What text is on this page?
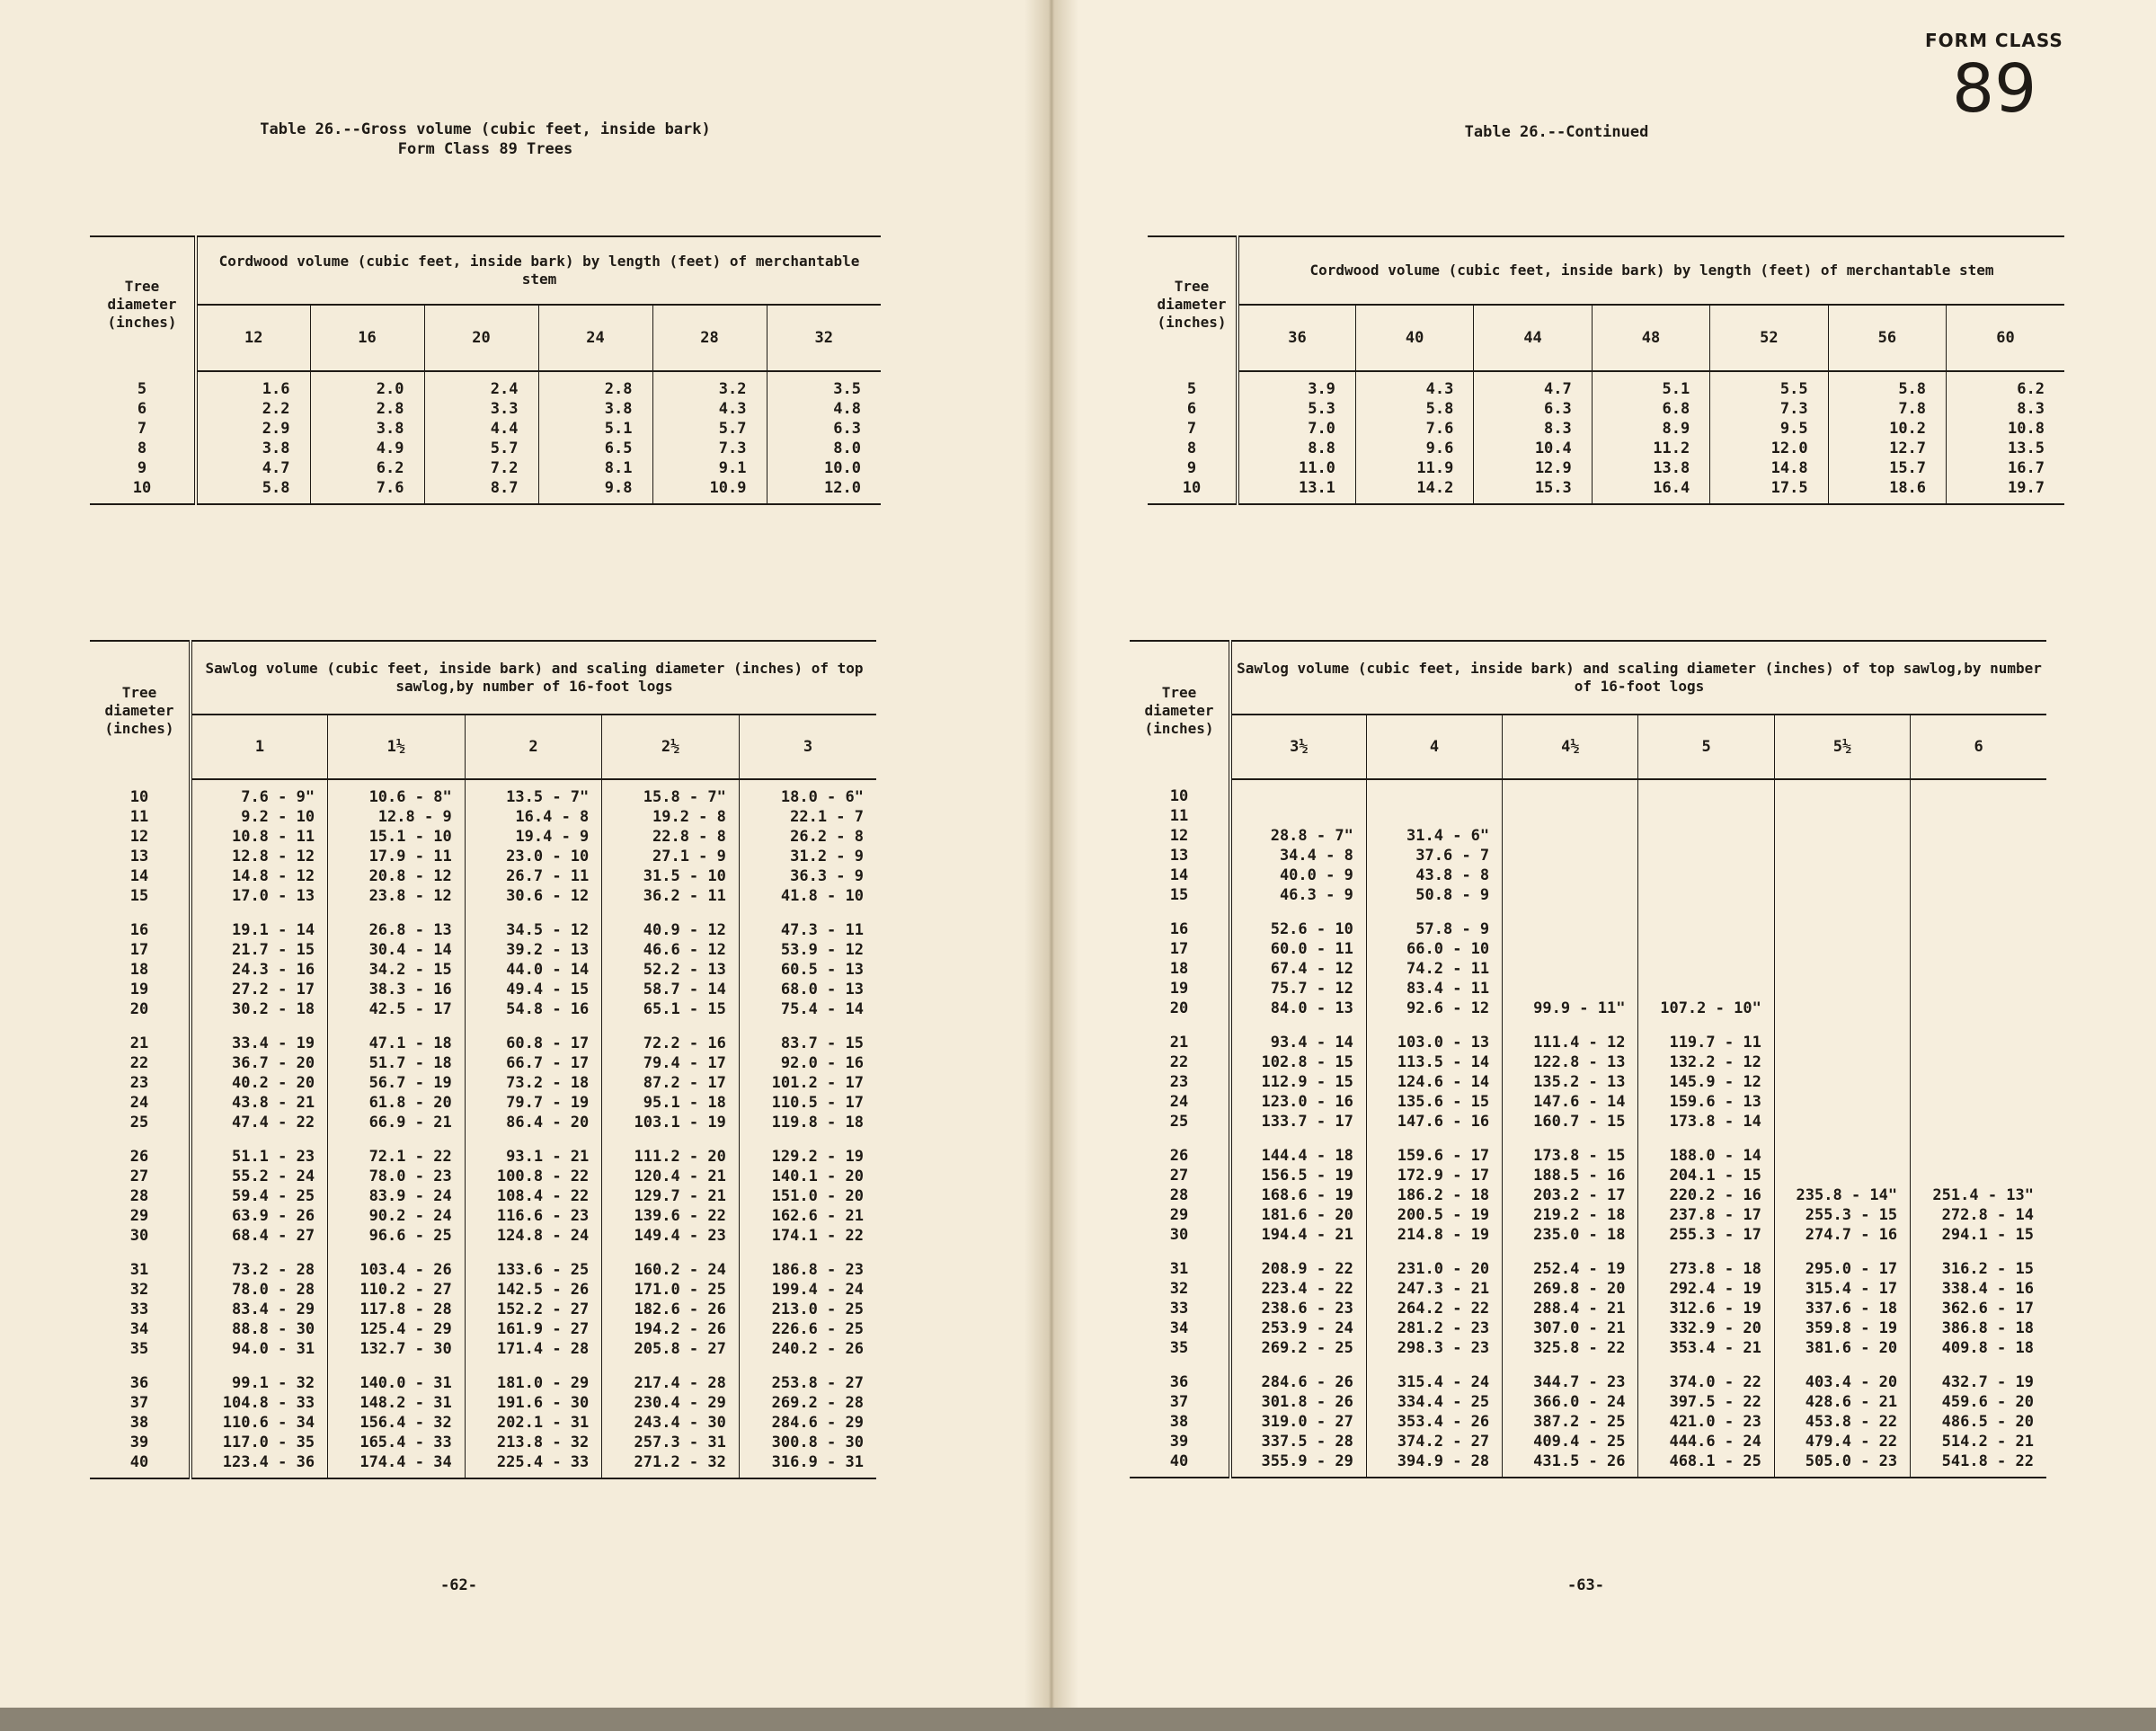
Table 26.--Gross volume (cubic feet, inside bark)
Form Class 89 Trees
Tree diameter (inches)	Cordwood volume (cubic feet, inside bark) by length (feet) of merchantable stem					
	12	16	20	24	28	32
5	1.6	2.0	2.4	2.8	3.2	3.5
6	2.2	2.8	3.3	3.8	4.3	4.8
7	2.9	3.8	4.4	5.1	5.7	6.3
8	3.8	4.9	5.7	6.5	7.3	8.0
9	4.7	6.2	7.2	8.1	9.1	10.0
10	5.8	7.6	8.7	9.8	10.9	12.0
Tree diameter (inches)	Sawlog volume (cubic feet, inside bark) and scaling diameter (inches) of top sawlog,by number of 16-foot logs				
	1	1½	2	2½	3
10	7.6 - 9"	10.6 - 8"	13.5 - 7"	15.8 - 7"	18.0 - 6"
11	9.2 - 10	12.8 - 9	16.4 - 8	19.2 - 8	22.1 - 7
12	10.8 - 11	15.1 - 10	19.4 - 9	22.8 - 8	26.2 - 8
13	12.8 - 12	17.9 - 11	23.0 - 10	27.1 - 9	31.2 - 9
14	14.8 - 12	20.8 - 12	26.7 - 11	31.5 - 10	36.3 - 9
15	17.0 - 13	23.8 - 12	30.6 - 12	36.2 - 11	41.8 - 10
16	19.1 - 14	26.8 - 13	34.5 - 12	40.9 - 12	47.3 - 11
17	21.7 - 15	30.4 - 14	39.2 - 13	46.6 - 12	53.9 - 12
18	24.3 - 16	34.2 - 15	44.0 - 14	52.2 - 13	60.5 - 13
19	27.2 - 17	38.3 - 16	49.4 - 15	58.7 - 14	68.0 - 13
20	30.2 - 18	42.5 - 17	54.8 - 16	65.1 - 15	75.4 - 14
21	33.4 - 19	47.1 - 18	60.8 - 17	72.2 - 16	83.7 - 15
22	36.7 - 20	51.7 - 18	66.7 - 17	79.4 - 17	92.0 - 16
23	40.2 - 20	56.7 - 19	73.2 - 18	87.2 - 17	101.2 - 17
24	43.8 - 21	61.8 - 20	79.7 - 19	95.1 - 18	110.5 - 17
25	47.4 - 22	66.9 - 21	86.4 - 20	103.1 - 19	119.8 - 18
26	51.1 - 23	72.1 - 22	93.1 - 21	111.2 - 20	129.2 - 19
27	55.2 - 24	78.0 - 23	100.8 - 22	120.4 - 21	140.1 - 20
28	59.4 - 25	83.9 - 24	108.4 - 22	129.7 - 21	151.0 - 20
29	63.9 - 26	90.2 - 24	116.6 - 23	139.6 - 22	162.6 - 21
30	68.4 - 27	96.6 - 25	124.8 - 24	149.4 - 23	174.1 - 22
31	73.2 - 28	103.4 - 26	133.6 - 25	160.2 - 24	186.8 - 23
32	78.0 - 28	110.2 - 27	142.5 - 26	171.0 - 25	199.4 - 24
33	83.4 - 29	117.8 - 28	152.2 - 27	182.6 - 26	213.0 - 25
34	88.8 - 30	125.4 - 29	161.9 - 27	194.2 - 26	226.6 - 25
35	94.0 - 31	132.7 - 30	171.4 - 28	205.8 - 27	240.2 - 26
36	99.1 - 32	140.0 - 31	181.0 - 29	217.4 - 28	253.8 - 27
37	104.8 - 33	148.2 - 31	191.6 - 30	230.4 - 29	269.2 - 28
38	110.6 - 34	156.4 - 32	202.1 - 31	243.4 - 30	284.6 - 29
39	117.0 - 35	165.4 - 33	213.8 - 32	257.3 - 31	300.8 - 30
40	123.4 - 36	174.4 - 34	225.4 - 33	271.2 - 32	316.9 - 31
-62-
FORM CLASS
89
Table 26.--Continued
Tree diameter (inches)	Cordwood volume (cubic feet, inside bark) by length (feet) of merchantable stem						
	36	40	44	48	52	56	60
5	3.9	4.3	4.7	5.1	5.5	5.8	6.2
6	5.3	5.8	6.3	6.8	7.3	7.8	8.3
7	7.0	7.6	8.3	8.9	9.5	10.2	10.8
8	8.8	9.6	10.4	11.2	12.0	12.7	13.5
9	11.0	11.9	12.9	13.8	14.8	15.7	16.7
10	13.1	14.2	15.3	16.4	17.5	18.6	19.7
Tree diameter (inches)	Sawlog volume (cubic feet, inside bark) and scaling diameter (inches) of top sawlog,by number of 16-foot logs					
	3½	4	4½	5	5½	6
10						
11						
12	28.8 - 7"	31.4 - 6"				
13	34.4 - 8	37.6 - 7				
14	40.0 - 9	43.8 - 8				
15	46.3 - 9	50.8 - 9				
16	52.6 - 10	57.8 - 9				
17	60.0 - 11	66.0 - 10				
18	67.4 - 12	74.2 - 11				
19	75.7 - 12	83.4 - 11				
20	84.0 - 13	92.6 - 12	99.9 - 11"	107.2 - 10"		
21	93.4 - 14	103.0 - 13	111.4 - 12	119.7 - 11		
22	102.8 - 15	113.5 - 14	122.8 - 13	132.2 - 12		
23	112.9 - 15	124.6 - 14	135.2 - 13	145.9 - 12		
24	123.0 - 16	135.6 - 15	147.6 - 14	159.6 - 13		
25	133.7 - 17	147.6 - 16	160.7 - 15	173.8 - 14		
26	144.4 - 18	159.6 - 17	173.8 - 15	188.0 - 14		
27	156.5 - 19	172.9 - 17	188.5 - 16	204.1 - 15		
28	168.6 - 19	186.2 - 18	203.2 - 17	220.2 - 16	235.8 - 14"	251.4 - 13"
29	181.6 - 20	200.5 - 19	219.2 - 18	237.8 - 17	255.3 - 15	272.8 - 14
30	194.4 - 21	214.8 - 19	235.0 - 18	255.3 - 17	274.7 - 16	294.1 - 15
31	208.9 - 22	231.0 - 20	252.4 - 19	273.8 - 18	295.0 - 17	316.2 - 15
32	223.4 - 22	247.3 - 21	269.8 - 20	292.4 - 19	315.4 - 17	338.4 - 16
33	238.6 - 23	264.2 - 22	288.4 - 21	312.6 - 19	337.6 - 18	362.6 - 17
34	253.9 - 24	281.2 - 23	307.0 - 21	332.9 - 20	359.8 - 19	386.8 - 18
35	269.2 - 25	298.3 - 23	325.8 - 22	353.4 - 21	381.6 - 20	409.8 - 18
36	284.6 - 26	315.4 - 24	344.7 - 23	374.0 - 22	403.4 - 20	432.7 - 19
37	301.8 - 26	334.4 - 25	366.0 - 24	397.5 - 22	428.6 - 21	459.6 - 20
38	319.0 - 27	353.4 - 26	387.2 - 25	421.0 - 23	453.8 - 22	486.5 - 20
39	337.5 - 28	374.2 - 27	409.4 - 25	444.6 - 24	479.4 - 22	514.2 - 21
40	355.9 - 29	394.9 - 28	431.5 - 26	468.1 - 25	505.0 - 23	541.8 - 22
-63-
